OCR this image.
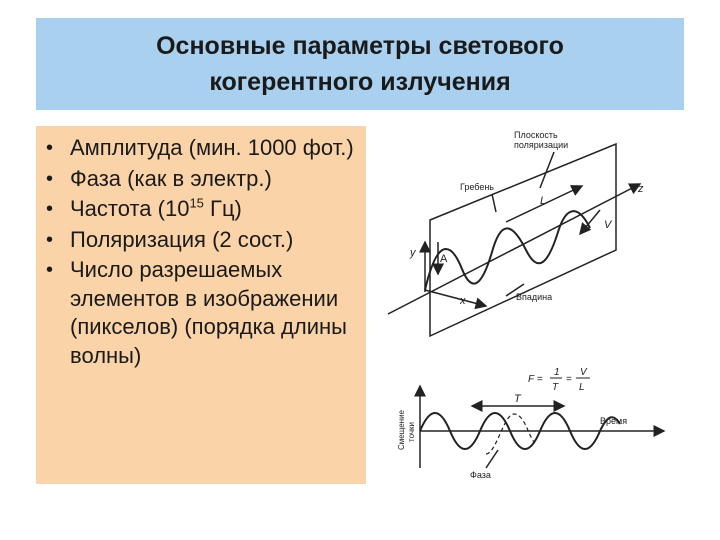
Основные параметры светового
когерентного излучения
• Амплитуда (мин. 1000 фот.)
• Фаза (как в электр.)
• Частота ($10^{15}$ Гц)
• Поляризация (2 сост.)
• Число разрешаемых элементов в изображении (пикселов) (порядка длины волны)
Плоскость
поляризации
Гребень
Впадина
z
y
x
L
V
A
F =
1
T
=
V
L
T
Время
Фаза
Смещение точки
